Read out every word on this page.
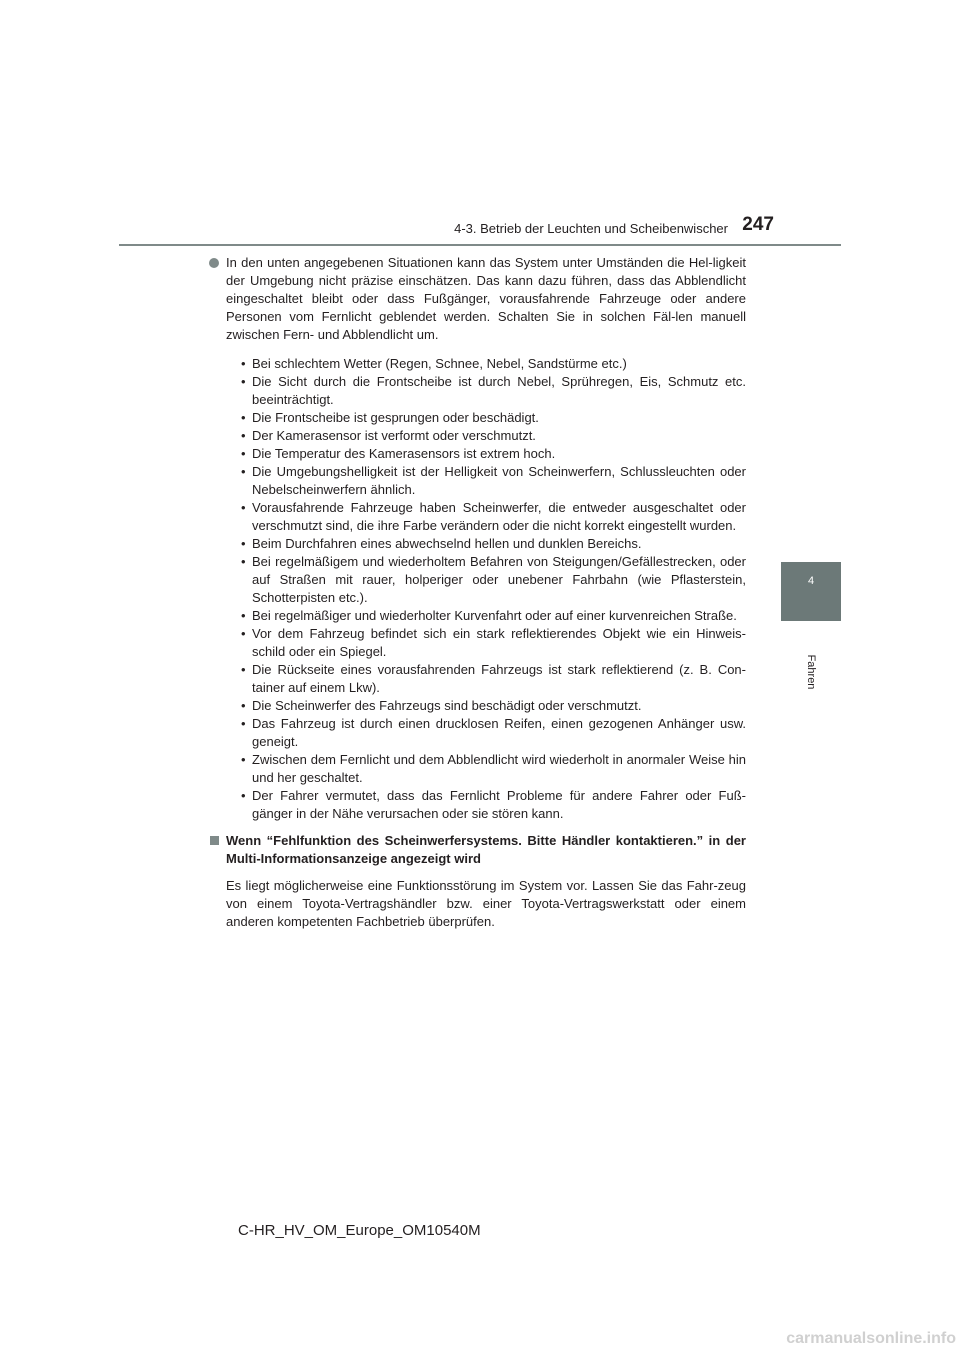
4-3. Betrieb der Leuchten und Scheibenwischer 247
4
Fahren
In den unten angegebenen Situationen kann das System unter Umständen die Hel-ligkeit der Umgebung nicht präzise einschätzen. Das kann dazu führen, dass das Abblendlicht eingeschaltet bleibt oder dass Fußgänger, vorausfahrende Fahrzeuge oder andere Personen vom Fernlicht geblendet werden. Schalten Sie in solchen Fäl-len manuell zwischen Fern- und Abblendlicht um.
• Bei schlechtem Wetter (Regen, Schnee, Nebel, Sandstürme etc.)
• Die Sicht durch die Frontscheibe ist durch Nebel, Sprühregen, Eis, Schmutz etc. beeinträchtigt.
• Die Frontscheibe ist gesprungen oder beschädigt.
• Der Kamerasensor ist verformt oder verschmutzt.
• Die Temperatur des Kamerasensors ist extrem hoch.
• Die Umgebungshelligkeit ist der Helligkeit von Scheinwerfern, Schlussleuchten oder Nebelscheinwerfern ähnlich.
• Vorausfahrende Fahrzeuge haben Scheinwerfer, die entweder ausgeschaltet oder verschmutzt sind, die ihre Farbe verändern oder die nicht korrekt eingestellt wurden.
• Beim Durchfahren eines abwechselnd hellen und dunklen Bereichs.
• Bei regelmäßigem und wiederholtem Befahren von Steigungen/Gefällestrecken, oder auf Straßen mit rauer, holperiger oder unebener Fahrbahn (wie Pflasterstein, Schotterpisten etc.).
• Bei regelmäßiger und wiederholter Kurvenfahrt oder auf einer kurvenreichen Straße.
• Vor dem Fahrzeug befindet sich ein stark reflektierendes Objekt wie ein Hinweis-schild oder ein Spiegel.
• Die Rückseite eines vorausfahrenden Fahrzeugs ist stark reflektierend (z. B. Con-tainer auf einem Lkw).
• Die Scheinwerfer des Fahrzeugs sind beschädigt oder verschmutzt.
• Das Fahrzeug ist durch einen drucklosen Reifen, einen gezogenen Anhänger usw. geneigt.
• Zwischen dem Fernlicht und dem Abblendlicht wird wiederholt in anormaler Weise hin und her geschaltet.
• Der Fahrer vermutet, dass das Fernlicht Probleme für andere Fahrer oder Fuß-gänger in der Nähe verursachen oder sie stören kann.
Wenn “Fehlfunktion des Scheinwerfersystems. Bitte Händler kontaktieren.” in der Multi-Informationsanzeige angezeigt wird
Es liegt möglicherweise eine Funktionsstörung im System vor. Lassen Sie das Fahr-zeug von einem Toyota-Vertragshändler bzw. einer Toyota-Vertragswerkstatt oder einem anderen kompetenten Fachbetrieb überprüfen.
C-HR_HV_OM_Europe_OM10540M
carmanualsonline.info
